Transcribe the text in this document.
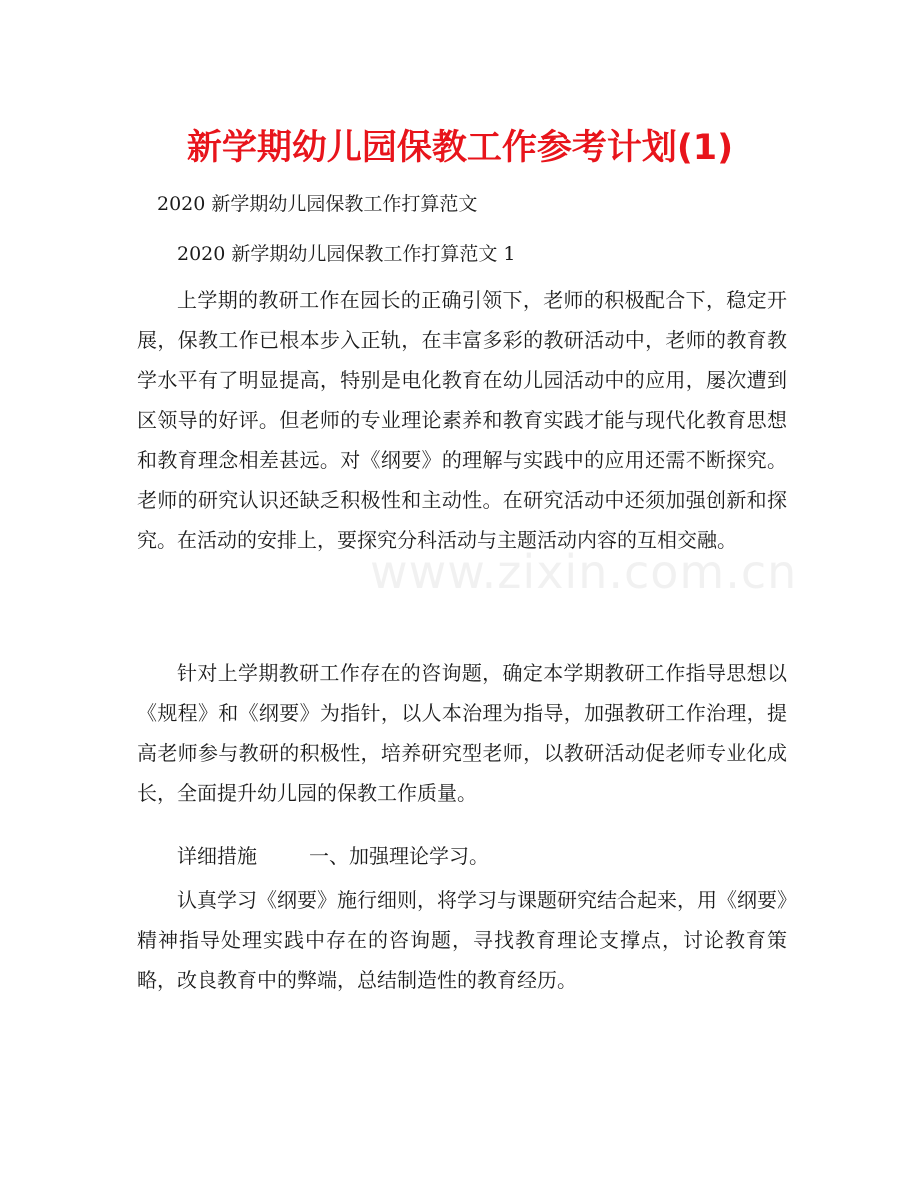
新学期幼儿园保教工作参考计划(1)

2020 新学期幼儿园保教工作打算范文

2020 新学期幼儿园保教工作打算范文 1

上学期的教研工作在园长的正确引领下，老师的积极配合下，稳定开展，保教工作已根本步入正轨，在丰富多彩的教研活动中，老师的教育教学水平有了明显提高，特别是电化教育在幼儿园活动中的应用，屡次遭到区领导的好评。但老师的专业理论素养和教育实践才能与现代化教育思想和教育理念相差甚远。对《纲要》的理解与实践中的应用还需不断探究。老师的研究认识还缺乏积极性和主动性。在研究活动中还须加强创新和探究。在活动的安排上，要探究分科活动与主题活动内容的互相交融。

针对上学期教研工作存在的咨询题，确定本学期教研工作指导思想以《规程》和《纲要》为指针，以人本治理为指导，加强教研工作治理，提高老师参与教研的积极性，培养研究型老师，以教研活动促老师专业化成长，全面提升幼儿园的保教工作质量。

详细措施	一、加强理论学习。

认真学习《纲要》施行细则，将学习与课题研究结合起来，用《纲要》精神指导处理实践中存在的咨询题，寻找教育理论支撑点，讨论教育策略，改良教育中的弊端，总结制造性的教育经历。

www.zixin.com.cn
